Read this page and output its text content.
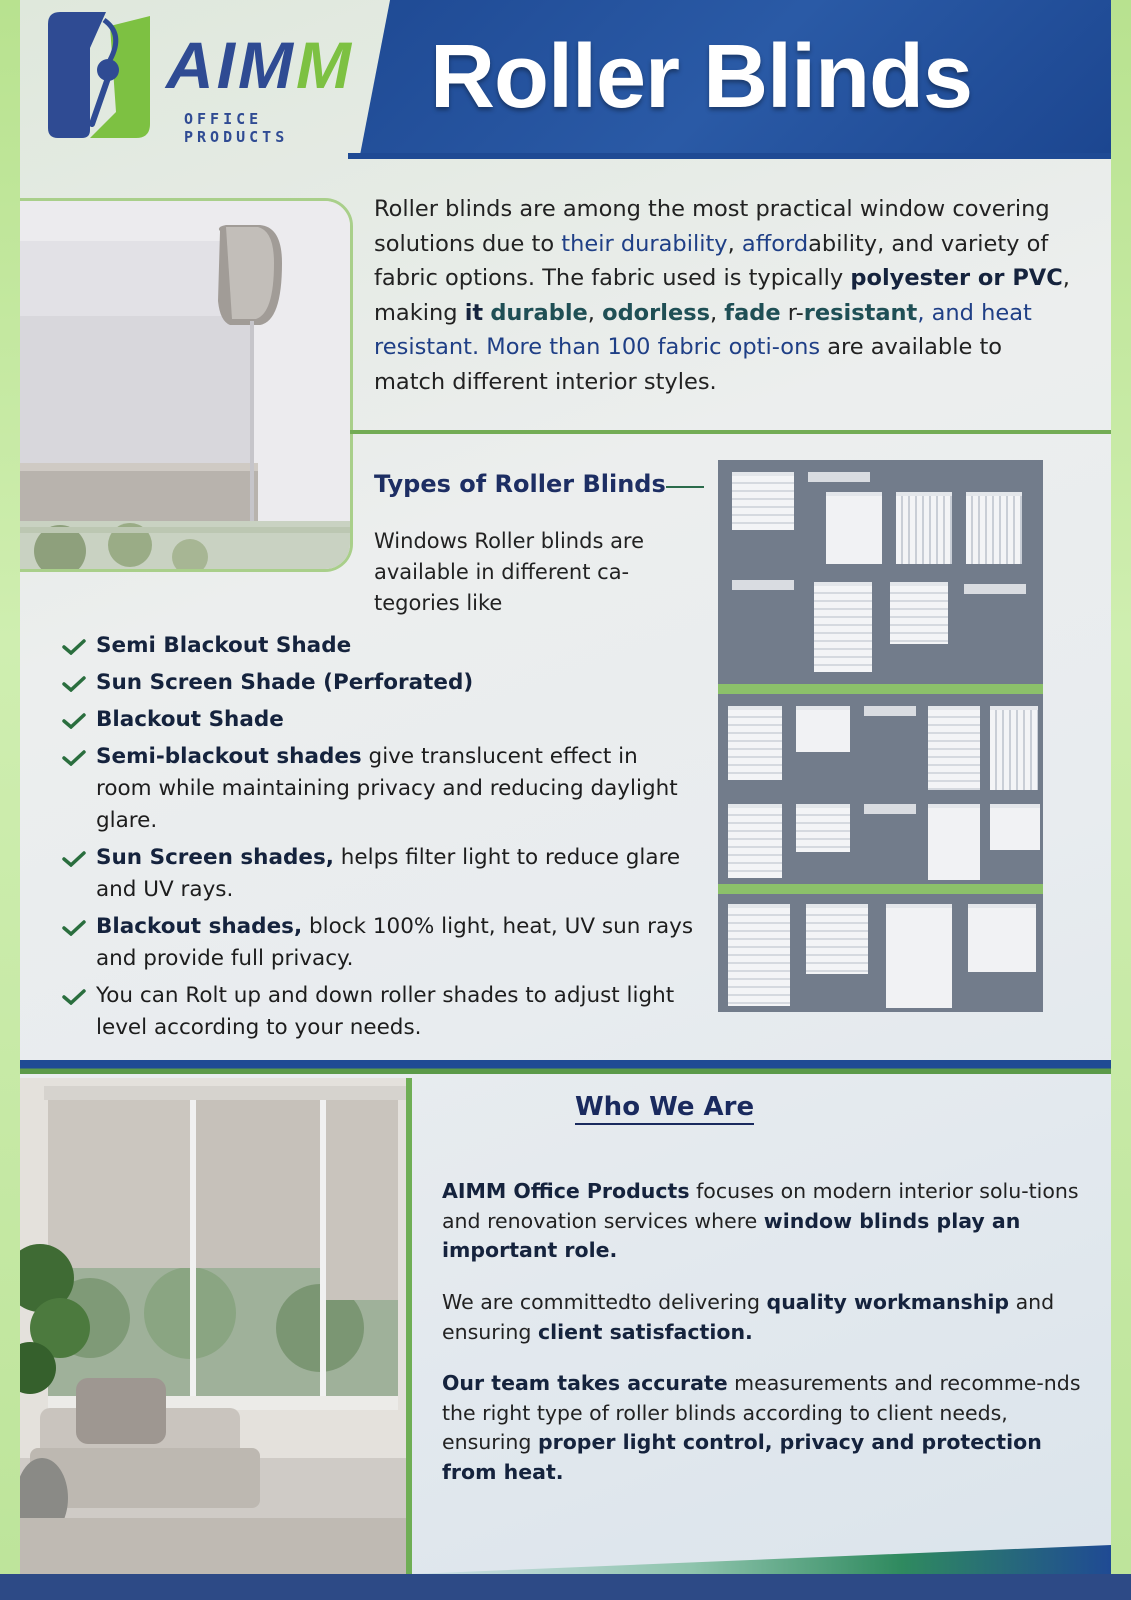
AIMM
OFFICE PRODUCTS
Roller Blinds
Roller blinds are among the most practical window covering solutions due to their durability, affordability, and variety of fabric options. The fabric used is typically polyester or PVC, making it durable, odorless, fade r-resistant, and heat resistant. More than 100 fabric opti-ons are available to match different interior styles.
Types of Roller Blinds
Windows Roller blinds are available in different ca-tegories like
Semi Blackout Shade
Sun Screen Shade (Perforated)
Blackout Shade
Semi-blackout shades give translucent effect in room while maintaining privacy and reducing daylight glare.
Sun Screen shades, helps filter light to reduce glare and UV rays.
Blackout shades, block 100% light, heat, UV sun rays and provide full privacy.
You can Rolt up and down roller shades to adjust light level according to your needs.
Who We Are

AIMM Office Products focuses on modern interior solu-tions and renovation services where window blinds play an important role.

We are committedto delivering quality workmanship and ensuring client satisfaction.

Our team takes accurate measurements and recomme-nds the right type of roller blinds according to client needs, ensuring proper light control, privacy and protection from heat.
